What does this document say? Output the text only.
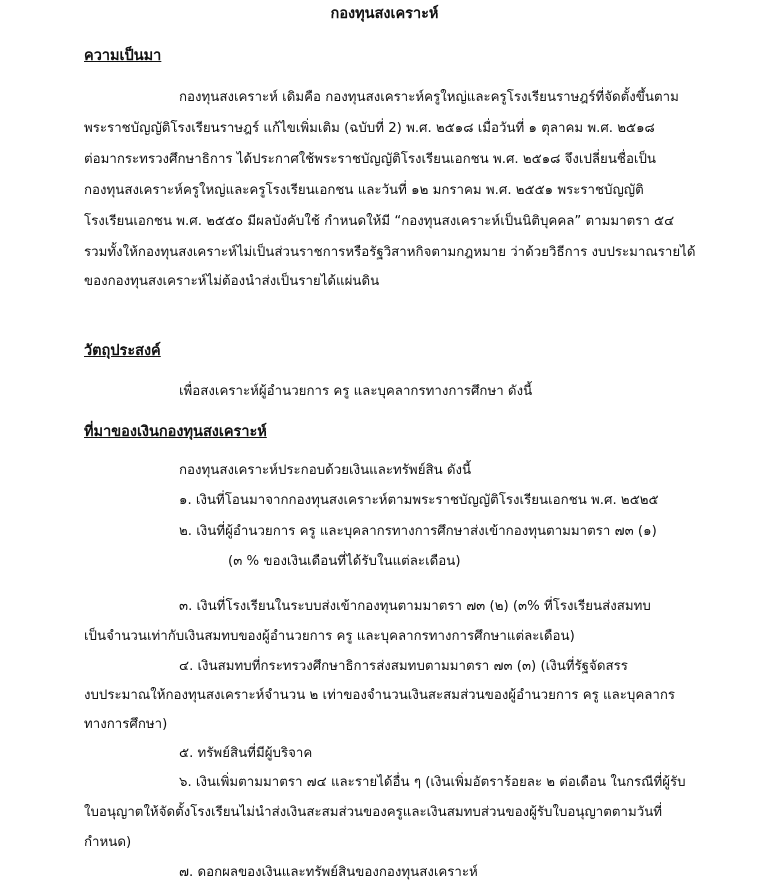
กองทุนสงเคราะห์
ความเป็นมา
กองทุนสงเคราะห์ เดิมคือ กองทุนสงเคราะห์ครูใหญ่และครูโรงเรียนราษฎร์ที่จัดตั้งขึ้นตาม
พระราชบัญญัติโรงเรียนราษฎร์ แก้ไขเพิ่มเติม (ฉบับที่ 2) พ.ศ. ๒๕๑๘ เมื่อวันที่ ๑ ตุลาคม พ.ศ. ๒๕๑๘
ต่อมากระทรวงศึกษาธิการ ได้ประกาศใช้พระราชบัญญัติโรงเรียนเอกชน พ.ศ. ๒๕๑๘ จึงเปลี่ยนชื่อเป็น
กองทุนสงเคราะห์ครูใหญ่และครูโรงเรียนเอกชน และวันที่ ๑๒ มกราคม พ.ศ. ๒๕๕๑ พระราชบัญญัติ
โรงเรียนเอกชน พ.ศ. ๒๕๕๐ มีผลบังคับใช้ กำหนดให้มี “กองทุนสงเคราะห์เป็นนิติบุคคล” ตามมาตรา ๕๔
รวมทั้งให้กองทุนสงเคราะห์ไม่เป็นส่วนราชการหรือรัฐวิสาหกิจตามกฎหมาย ว่าด้วยวิธีการ งบประมาณรายได้
ของกองทุนสงเคราะห์ไม่ต้องนำส่งเป็นรายได้แผ่นดิน
วัตถุประสงค์
เพื่อสงเคราะห์ผู้อำนวยการ ครู และบุคลากรทางการศึกษา ดังนี้
ที่มาของเงินกองทุนสงเคราะห์
กองทุนสงเคราะห์ประกอบด้วยเงินและทรัพย์สิน ดังนี้
๑. เงินที่โอนมาจากกองทุนสงเคราะห์ตามพระราชบัญญัติโรงเรียนเอกชน พ.ศ. ๒๕๒๕
๒. เงินที่ผู้อำนวยการ ครู และบุคลากรทางการศึกษาส่งเข้ากองทุนตามมาตรา ๗๓ (๑)
(๓ % ของเงินเดือนที่ได้รับในแต่ละเดือน)
๓. เงินที่โรงเรียนในระบบส่งเข้ากองทุนตามมาตรา ๗๓ (๒) (๓% ที่โรงเรียนส่งสมทบ
เป็นจำนวนเท่ากับเงินสมทบของผู้อำนวยการ ครู และบุคลากรทางการศึกษาแต่ละเดือน)
๔. เงินสมทบที่กระทรวงศึกษาธิการส่งสมทบตามมาตรา ๗๓ (๓) (เงินที่รัฐจัดสรร
งบประมาณให้กองทุนสงเคราะห์จำนวน ๒ เท่าของจำนวนเงินสะสมส่วนของผู้อำนวยการ ครู และบุคลากร
ทางการศึกษา)
๕. ทรัพย์สินที่มีผู้บริจาค
๖. เงินเพิ่มตามมาตรา ๗๔ และรายได้อื่น ๆ (เงินเพิ่มอัตราร้อยละ ๒ ต่อเดือน ในกรณีที่ผู้รับ
ใบอนุญาตให้จัดตั้งโรงเรียนไม่นำส่งเงินสะสมส่วนของครูและเงินสมทบส่วนของผู้รับใบอนุญาตตามวันที่
กำหนด)
๗. ดอกผลของเงินและทรัพย์สินของกองทุนสงเคราะห์
